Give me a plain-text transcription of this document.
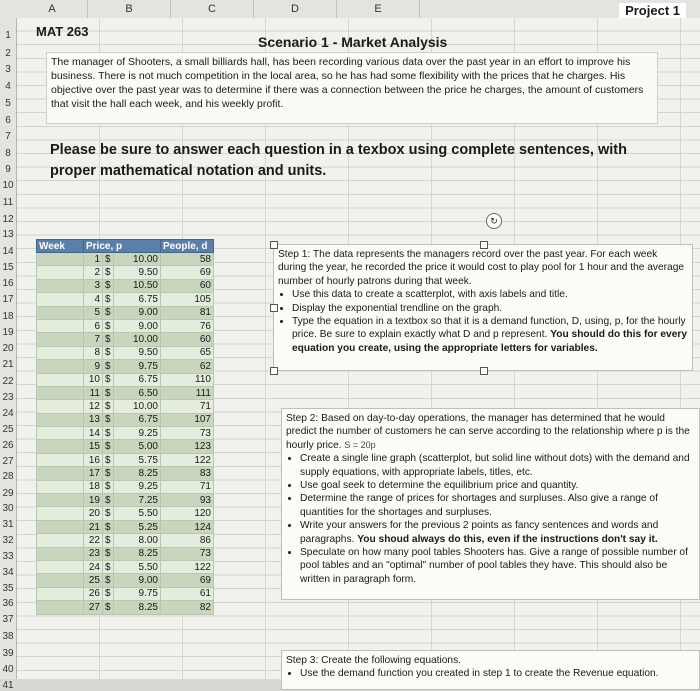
A	B	C	D	E
1
2
3
4
5
6
7
8
9
10
11
12
13
14
15
16
17
18
19
20
21
22
23
24
25
26
27
28
29
30
31
32
33
34
35
36
37
38
39
40
41
Project 1
MAT 263
Scenario 1 - Market Analysis
The manager of Shooters, a small billiards hall, has been recording various data over the past year in an effort to improve his business. There is not much competition in the local area, so he has had some flexibility with the prices that he charges. His objective over the past year was to determine if there was a connection between the price he charges, the amount of customers that visit the hall each week, and his weekly profit.
Please be sure to answer each question in a texbox using complete sentences, with proper mathematical notation and units.
Week	Price, p			People, d
	1	$	10.00	58
	2	$	9.50	69
	3	$	10.50	60
	4	$	6.75	105
	5	$	9.00	81
	6	$	9.00	76
	7	$	10.00	60
	8	$	9.50	65
	9	$	9.75	62
	10	$	6.75	110
	11	$	6.50	111
	12	$	10.00	71
	13	$	6.75	107
	14	$	9.25	73
	15	$	5.00	123
	16	$	5.75	122
	17	$	8.25	83
	18	$	9.25	71
	19	$	7.25	93
	20	$	5.50	120
	21	$	5.25	124
	22	$	8.00	86
	23	$	8.25	73
	24	$	5.50	122
	25	$	9.00	69
	26	$	9.75	61
	27	$	8.25	82
Step 1: The data represents the managers record over the past year. For each week during the year, he recorded the price it would cost to play pool for 1 hour and the average number of hourly patrons during that week.
• Use this data to create a scatterplot, with axis labels and title.
• Display the exponential trendline on the graph.
• Type the equation in a textbox so that it is a demand function, D, using, p, for the hourly price. Be sure to explain exactly what D and p represent. You should do this for every equation you create, using the appropriate letters for variables.
↻
Step 2: Based on day-to-day operations, the manager has determined that he would predict the number of customers he can serve according to the relationship where p is the hourly price. S = 20p
• Create a single line graph (scatterplot, but solid line without dots) with the demand and supply equations, with appropriate labels, titles, etc.
• Use goal seek to determine the equilibrium price and quantity.
• Determine the range of prices for shortages and surpluses. Also give a range of quantities for the shortages and surpluses.
• Write your answers for the previous 2 points as fancy sentences and words and paragraphs. You shoud always do this, even if the instructions don't say it.
• Speculate on how many pool tables Shooters has. Give a range of possible number of pool tables and an "optimal" number of pool tables they have. This should also be written in paragraph form.
Step 3: Create the following equations.
• Use the demand function you created in step 1 to create the Revenue equation.
